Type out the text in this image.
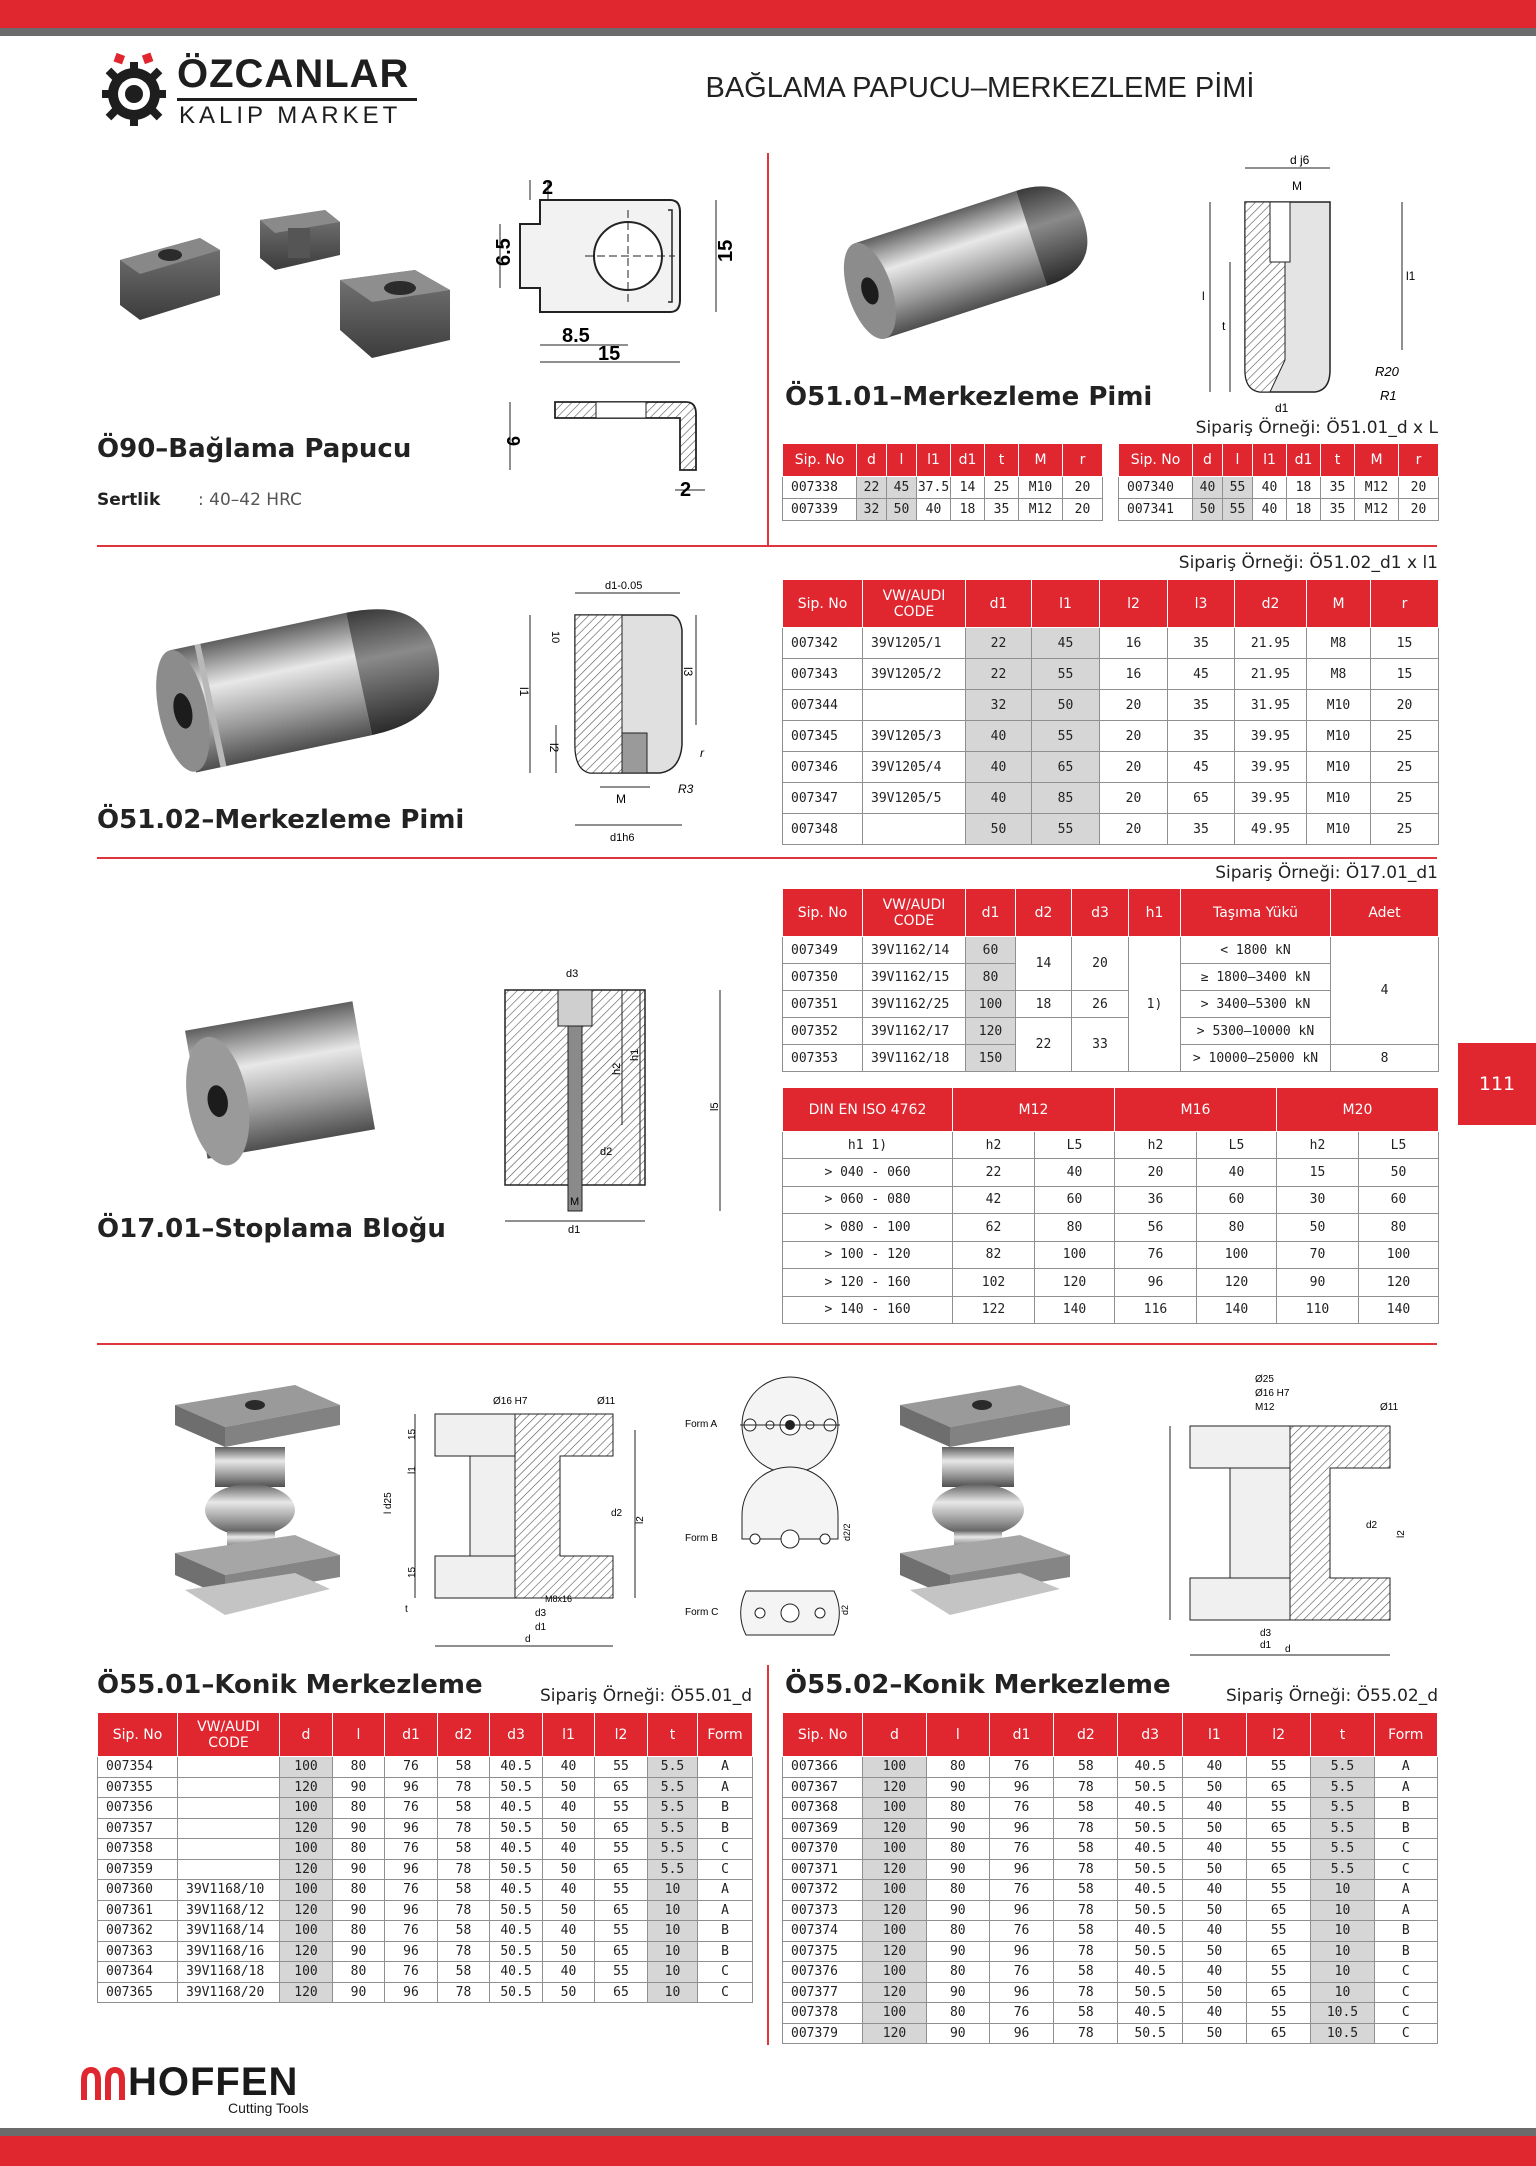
ÖZCANLAR
KALIP MARKET
BAĞLAMA PAPUCU–MERKEZLEME PİMİ
111
2
6.5	15
8.5
15
6
2
Ö90–Bağlama Papucu
Sertlik : 40–42 HRC
d j6
M
l
t
l1
R20
R1
d1
Ö51.01–Merkezleme Pimi
Sipariş Örneği: Ö51.01_d x L
Sip. No	d	l	l1	d1	t	M	r
007338	22	45	37.5	14	25	M10	20
007339	32	50	40	18	35	M12	20
Sip. No	d	l	l1	d1	t	M	r
007340	40	55	40	18	35	M12	20
007341	50	55	40	18	35	M12	20
d1-0.05
10
l1
l2
l3
r
R3
M
d1h6
Ö51.02–Merkezleme Pimi
Sipariş Örneği: Ö51.02_d1 x l1
Sip. No	VW/AUDI CODE	d1	l1	l2	l3	d2	M	r
007342	39V1205/1	22	45	16	35	21.95	M8	15
007343	39V1205/2	22	55	16	45	21.95	M8	15
007344		32	50	20	35	31.95	M10	20
007345	39V1205/3	40	55	20	35	39.95	M10	25
007346	39V1205/4	40	65	20	45	39.95	M10	25
007347	39V1205/5	40	85	20	65	39.95	M10	25
007348		50	55	20	35	49.95	M10	25
d3
h2
h1
l5
d2
M
d1
Ö17.01–Stoplama Bloğu
Sipariş Örneği: Ö17.01_d1
Sip. No	VW/AUDI CODE	d1	d2	d3	h1	Taşıma Yükü	Adet
007349	39V1162/14	60	14	20	1)	< 1800 kN	4
007350	39V1162/15	80				≥ 1800–3400 kN	
007351	39V1162/25	100	18	26		> 3400–5300 kN	
007352	39V1162/17	120	22	33		> 5300–10000 kN	
007353	39V1162/18	150				> 10000–25000 kN	8
DIN EN ISO 4762	M12		M16		M20	
h1 1)	h2	L5	h2	L5	h2	L5
> 040 - 060	22	40	20	40	15	50
> 060 - 080	42	60	36	60	30	60
> 080 - 100	62	80	56	80	50	80
> 100 - 120	82	100	76	100	70	100
> 120 - 160	102	120	96	120	90	120
> 140 - 160	122	140	116	140	110	140
Ø16 H7	Ø11
15
l1
l d25
15
t
l2
d2
M8x16
d3
d1
d
Form A
Form B	d2/2
Form C	d2
Ø25
Ø16 H7
M12	Ø11
d2
l2
d3
d1 d
Ö55.01–Konik Merkezleme	Sipariş Örneği: Ö55.01_d
Sip. No	VW/AUDI CODE	d	l	d1	d2	d3	l1	l2	t	Form
007354		100	80	76	58	40.5	40	55	5.5	A
007355		120	90	96	78	50.5	50	65	5.5	A
007356		100	80	76	58	40.5	40	55	5.5	B
007357		120	90	96	78	50.5	50	65	5.5	B
007358		100	80	76	58	40.5	40	55	5.5	C
007359		120	90	96	78	50.5	50	65	5.5	C
007360	39V1168/10	100	80	76	58	40.5	40	55	10	A
007361	39V1168/12	120	90	96	78	50.5	50	65	10	A
007362	39V1168/14	100	80	76	58	40.5	40	55	10	B
007363	39V1168/16	120	90	96	78	50.5	50	65	10	B
007364	39V1168/18	100	80	76	58	40.5	40	55	10	C
007365	39V1168/20	120	90	96	78	50.5	50	65	10	C
Ö55.02–Konik Merkezleme	Sipariş Örneği: Ö55.02_d
Sip. No	d	l	d1	d2	d3	l1	l2	t	Form
007366	100	80	76	58	40.5	40	55	5.5	A
007367	120	90	96	78	50.5	50	65	5.5	A
007368	100	80	76	58	40.5	40	55	5.5	B
007369	120	90	96	78	50.5	50	65	5.5	B
007370	100	80	76	58	40.5	40	55	5.5	C
007371	120	90	96	78	50.5	50	65	5.5	C
007372	100	80	76	58	40.5	40	55	10	A
007373	120	90	96	78	50.5	50	65	10	A
007374	100	80	76	58	40.5	40	55	10	B
007375	120	90	96	78	50.5	50	65	10	B
007376	100	80	76	58	40.5	40	55	10	C
007377	120	90	96	78	50.5	50	65	10	C
007378	100	80	76	58	40.5	40	55	10.5	C
007379	120	90	96	78	50.5	50	65	10.5	C
HOFFEN
Cutting Tools
